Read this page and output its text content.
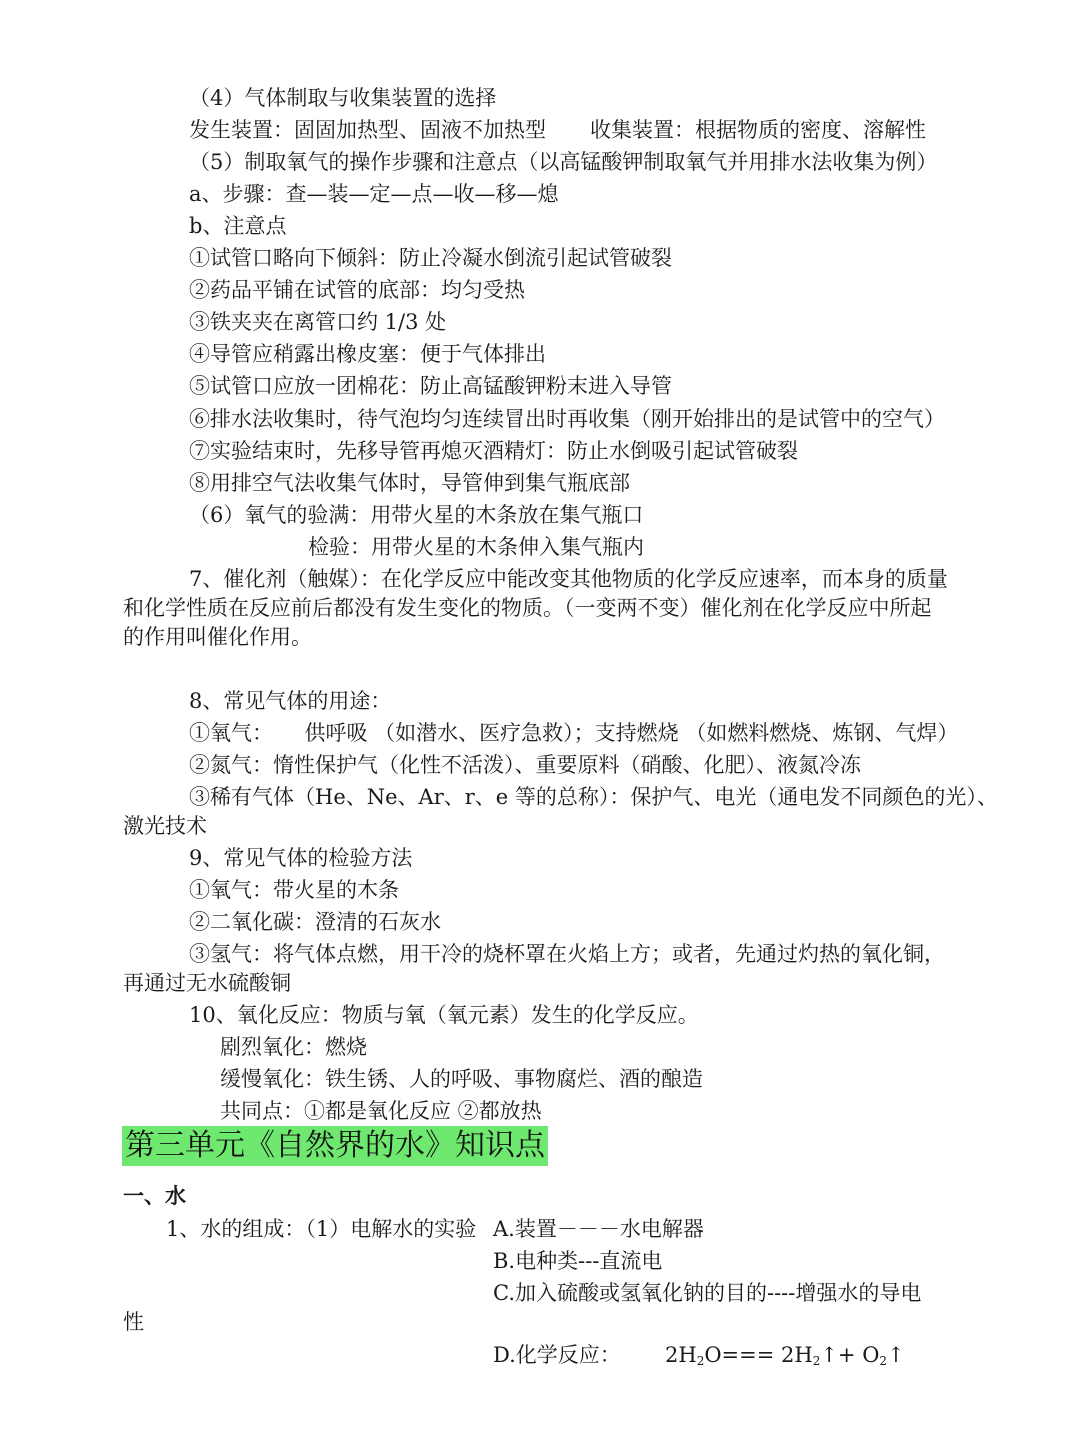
（4）气体制取与收集装置的选择
发生装置：固固加热型、固液不加热型 收集装置：根据物质的密度、溶解性
（5）制取氧气的操作步骤和注意点（以高锰酸钾制取氧气并用排水法收集为例）
a、步骤：查—装—定—点—收—移—熄
b、注意点
①试管口略向下倾斜：防止冷凝水倒流引起试管破裂
②药品平铺在试管的底部：均匀受热
③铁夹夹在离管口约 1/3 处
④导管应稍露出橡皮塞：便于气体排出
⑤试管口应放一团棉花：防止高锰酸钾粉末进入导管
⑥排水法收集时，待气泡均匀连续冒出时再收集（刚开始排出的是试管中的空气）
⑦实验结束时，先移导管再熄灭酒精灯：防止水倒吸引起试管破裂
⑧用排空气法收集气体时，导管伸到集气瓶底部
（6）氧气的验满：用带火星的木条放在集气瓶口
检验：用带火星的木条伸入集气瓶内
7、催化剂（触媒）：在化学反应中能改变其他物质的化学反应速率，而本身的质量
和化学性质在反应前后都没有发生变化的物质。（一变两不变）催化剂在化学反应中所起
的作用叫催化作用。
8、常见气体的用途：
①氧气：　　供呼吸 （如潜水、医疗急救）；支持燃烧 （如燃料燃烧、炼钢、气焊）
②氮气：惰性保护气（化性不活泼）、重要原料（硝酸、化肥）、液氮冷冻
③稀有气体（He、Ne、Ar、r、e 等的总称）：保护气、电光（通电发不同颜色的光）、
激光技术
9、常见气体的检验方法
①氧气：带火星的木条
②二氧化碳：澄清的石灰水
③氢气：将气体点燃，用干冷的烧杯罩在火焰上方；或者，先通过灼热的氧化铜，
再通过无水硫酸铜
10、氧化反应：物质与氧（氧元素）发生的化学反应。
剧烈氧化：燃烧
缓慢氧化：铁生锈、人的呼吸、事物腐烂、酒的酿造
共同点：①都是氧化反应 ②都放热
第三单元《自然界的水》知识点
一、水
1、水的组成：（1）电解水的实验 A.装置－－－水电解器
B.电种类---直流电
C.加入硫酸或氢氧化钠的目的----增强水的导电
性
D.化学反应： $2H_2O===$ $2H_2↑+$ $O_2↑$
